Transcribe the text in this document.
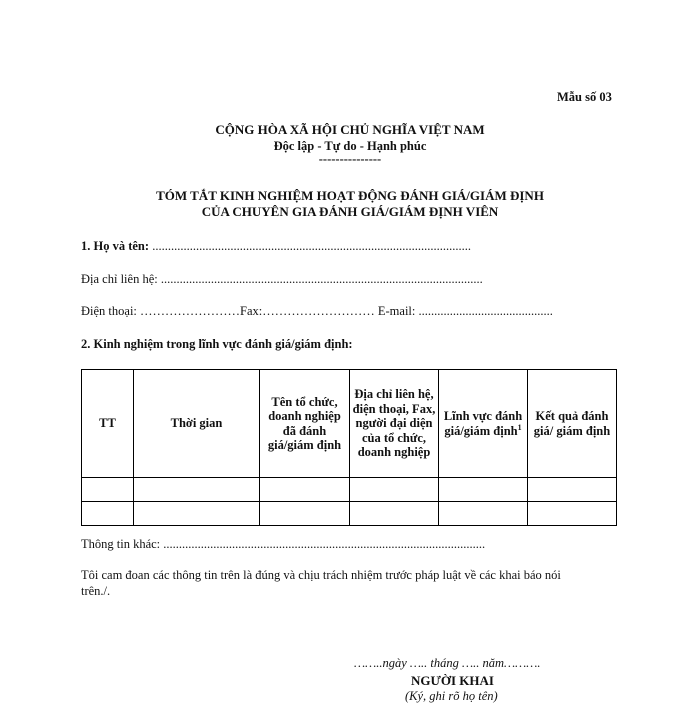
Mẫu số 03
CỘNG HÒA XÃ HỘI CHỦ NGHĨA VIỆT NAM
Độc lập - Tự do - Hạnh phúc
---------------
TÓM TẮT KINH NGHIỆM HOẠT ĐỘNG ĐÁNH GIÁ/GIÁM ĐỊNH
CỦA CHUYÊN GIA ĐÁNH GIÁ/GIÁM ĐỊNH VIÊN
1. Họ và tên: ......................................................................................................
Địa chỉ liên hệ: .......................................................................................................
Điện thoại: ……………………Fax:……………………… E-mail: ...........................................
2. Kinh nghiệm trong lĩnh vực đánh giá/giám định:
TT	Thời gian	Tên tổ chức, doanh nghiệp đã đánh giá/giám định	Địa chỉ liên hệ, điện thoại, Fax, người đại diện của tổ chức, doanh nghiệp	Lĩnh vực đánh giá/giám định$^1$	Kết quả đánh giá/ giám định

Thông tin khác: .......................................................................................................
Tôi cam đoan các thông tin trên là đúng và chịu trách nhiệm trước pháp luật về các khai báo nói
trên./.
……..ngày ….. tháng ….. năm……….
NGƯỜI KHAI
(Ký, ghi rõ họ tên)
